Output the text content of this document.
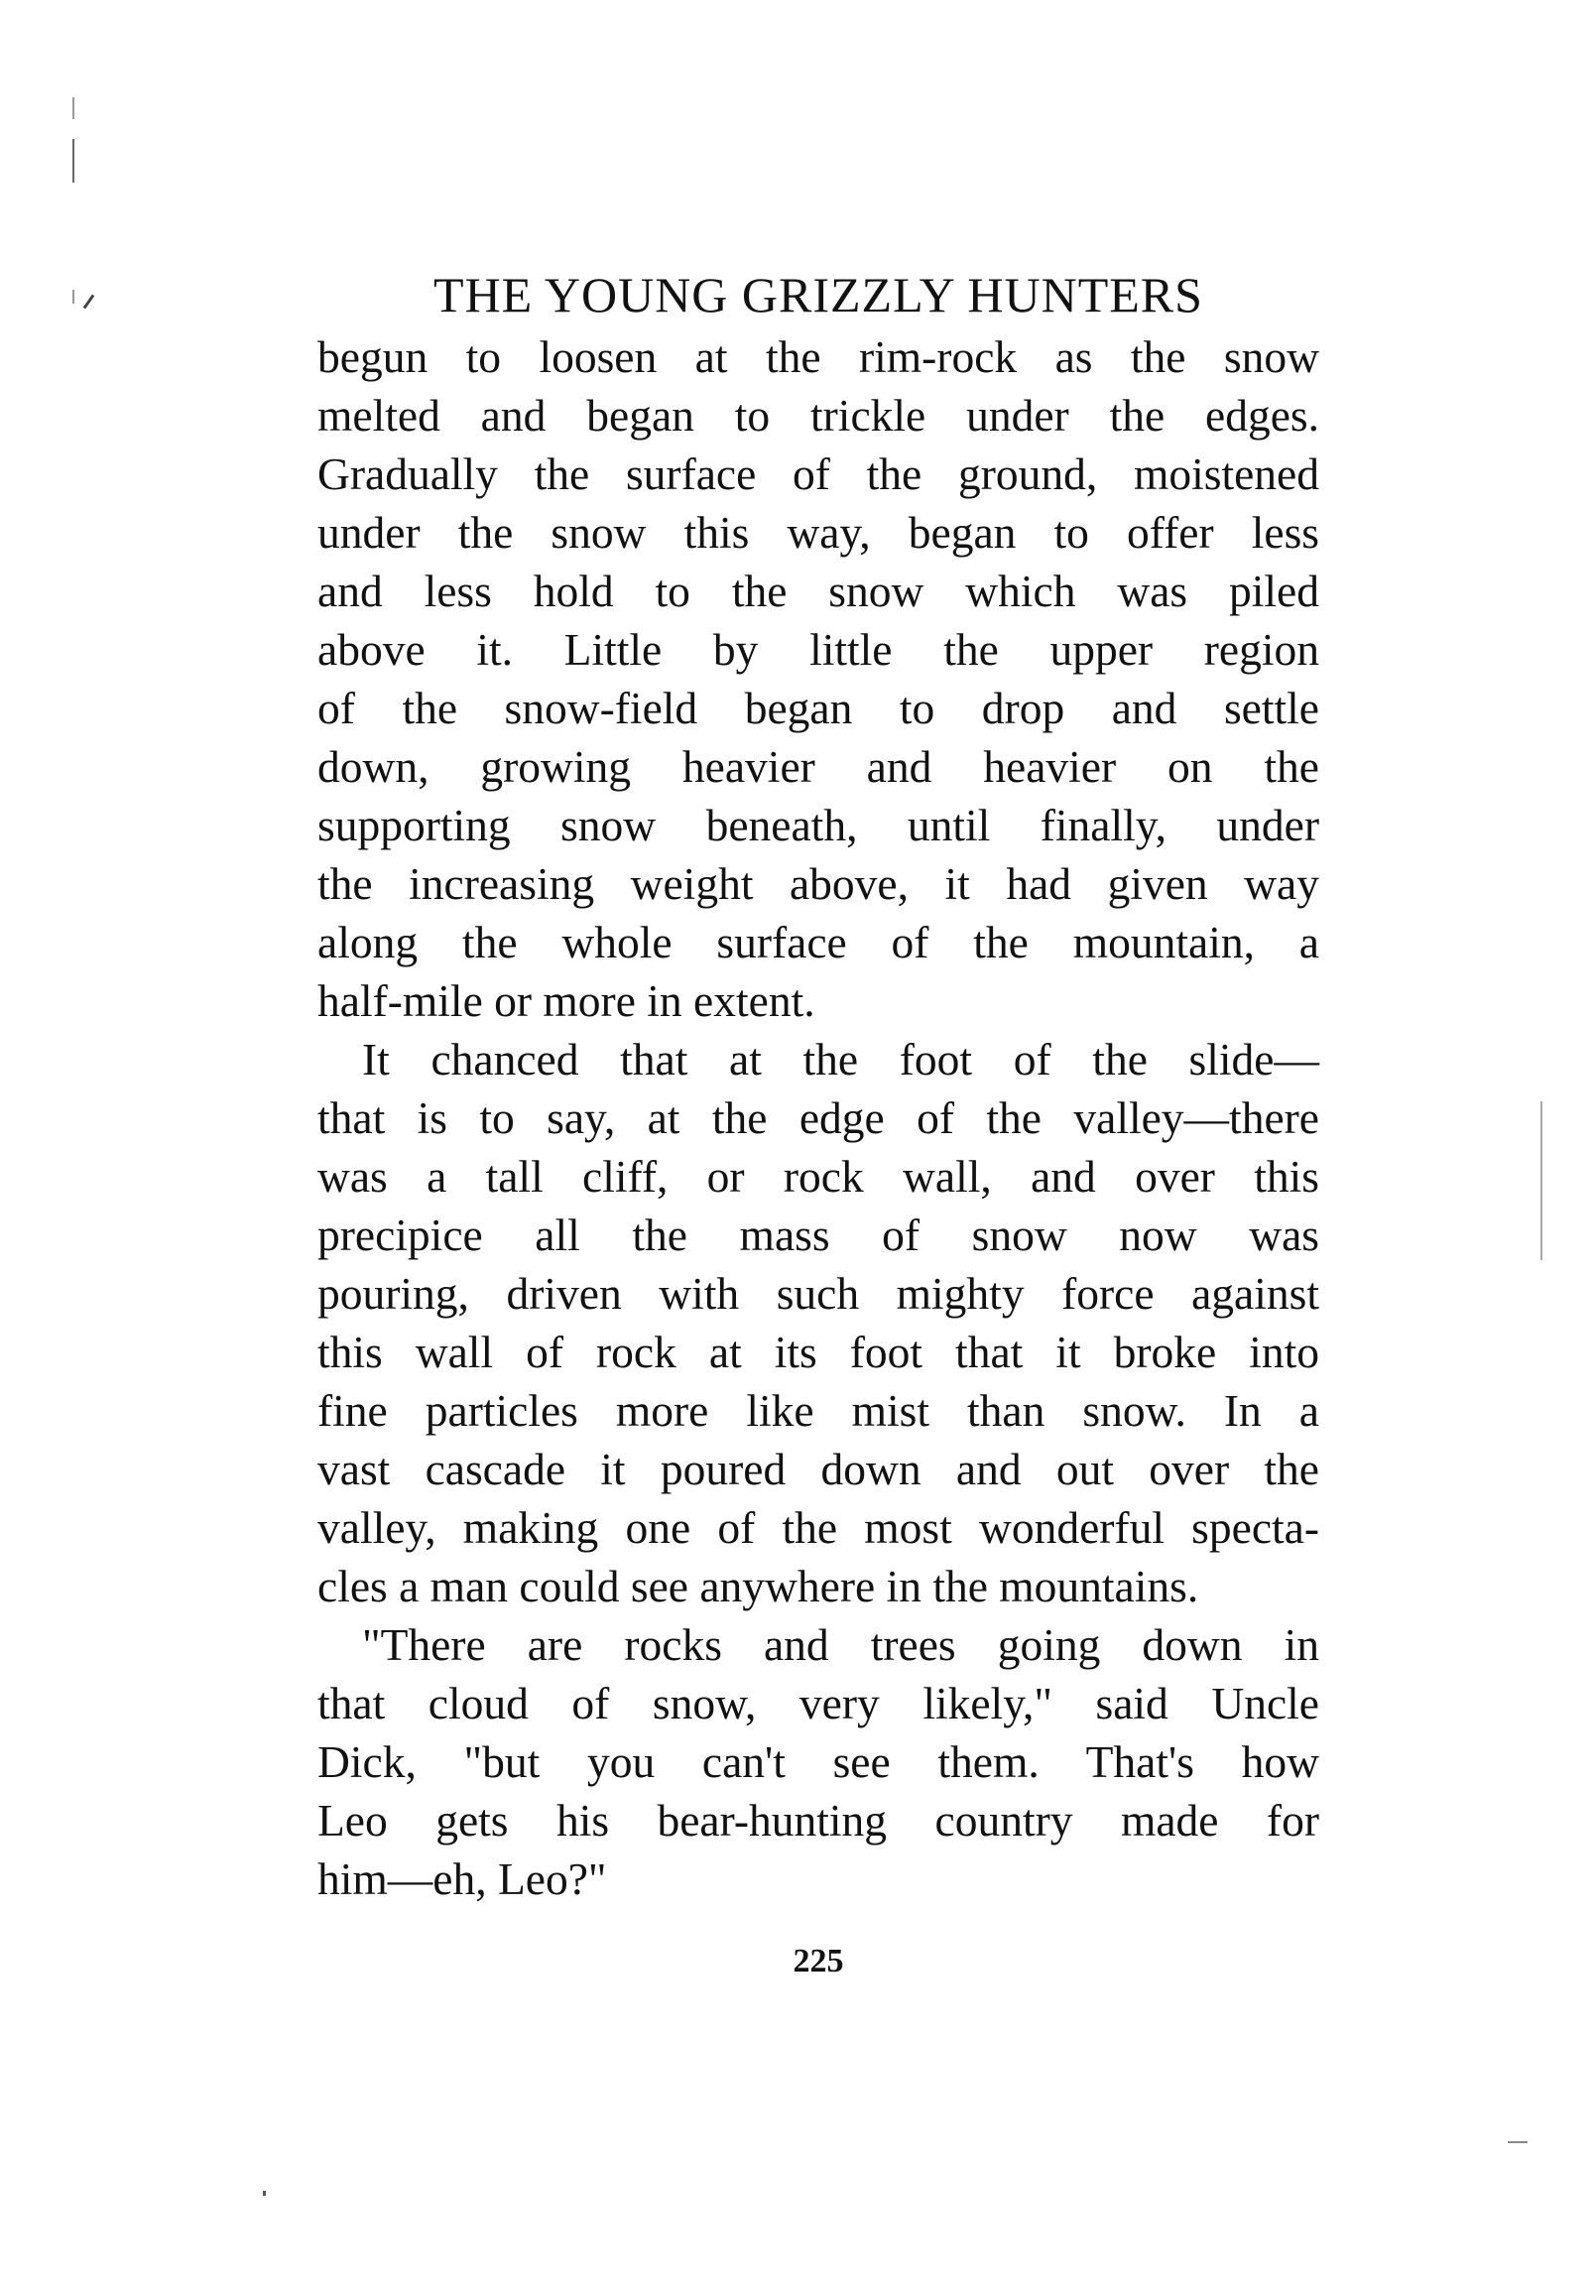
THE YOUNG GRIZZLY HUNTERS
begun to loosen at the rim-rock as the snow
melted and began to trickle under the edges.
Gradually the surface of the ground, moistened
under the snow this way, began to offer less
and less hold to the snow which was piled
above it. Little by little the upper region
of the snow-field began to drop and settle
down, growing heavier and heavier on the
supporting snow beneath, until finally, under
the increasing weight above, it had given way
along the whole surface of the mountain, a
half-mile or more in extent.
It chanced that at the foot of the slide—
that is to say, at the edge of the valley—there
was a tall cliff, or rock wall, and over this
precipice all the mass of snow now was
pouring, driven with such mighty force against
this wall of rock at its foot that it broke into
fine particles more like mist than snow. In a
vast cascade it poured down and out over the
valley, making one of the most wonderful specta-
cles a man could see anywhere in the mountains.
"There are rocks and trees going down in
that cloud of snow, very likely," said Uncle
Dick, "but you can't see them. That's how
Leo gets his bear-hunting country made for
him—eh, Leo?"
225
